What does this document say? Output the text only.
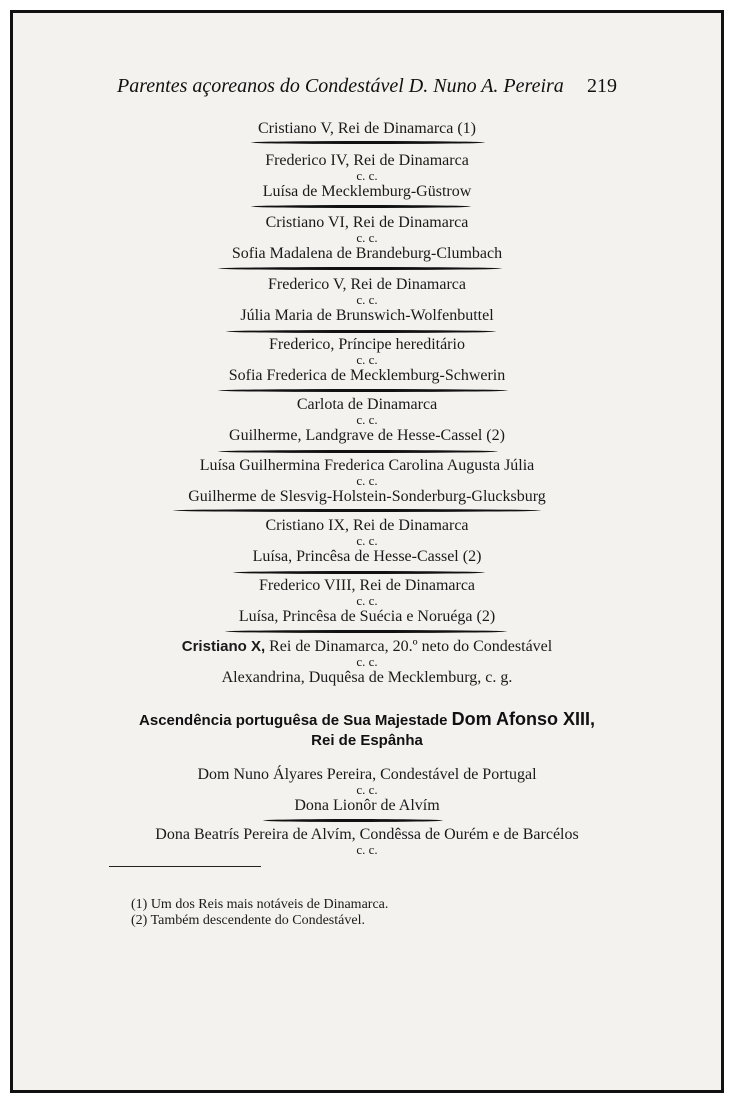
Parentes açoreanos do Condestável D. Nuno A. Pereira 219
Cristiano V, Rei de Dinamarca (1)
Frederico IV, Rei de Dinamarca
c. c.
Luísa de Mecklemburg-Güstrow
Cristiano VI, Rei de Dinamarca
c. c.
Sofia Madalena de Brandeburg-Clumbach
Frederico V, Rei de Dinamarca
c. c.
Júlia Maria de Brunswich-Wolfenbuttel
Frederico, Príncipe hereditário
c. c.
Sofia Frederica de Mecklemburg-Schwerin
Carlota de Dinamarca
c. c.
Guilherme, Landgrave de Hesse-Cassel (2)
Luísa Guilhermina Frederica Carolina Augusta Júlia
c. c.
Guilherme de Slesvig-Holstein-Sonderburg-Glucksburg
Cristiano IX, Rei de Dinamarca
c. c.
Luísa, Princêsa de Hesse-Cassel (2)
Frederico VIII, Rei de Dinamarca
c. c.
Luísa, Princêsa de Suécia e Noruéga (2)
Cristiano X, Rei de Dinamarca, 20.º neto do Condestável
c. c.
Alexandrina, Duquêsa de Mecklemburg, c. g.
Ascendência portuguêsa de Sua Majestade Dom Afonso XIII,
Rei de Espânha
Dom Nuno Ályares Pereira, Condestável de Portugal
c. c.
Dona Lionôr de Alvím
Dona Beatrís Pereira de Alvím, Condêssa de Ourém e de Barcélos
c. c.
(1) Um dos Reis mais notáveis de Dinamarca.
(2) Também descendente do Condestável.
